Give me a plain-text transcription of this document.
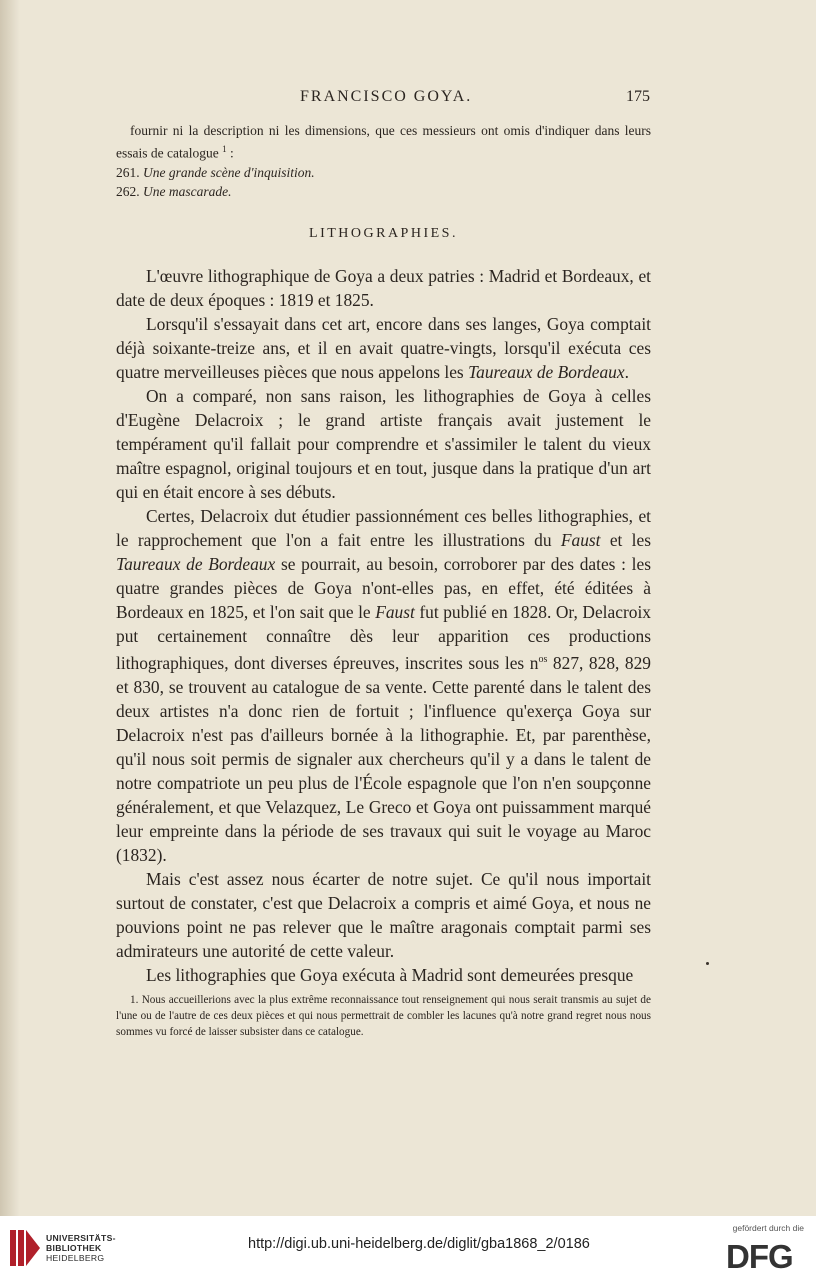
FRANCISCO GOYA.	175

fournir ni la description ni les dimensions, que ces messieurs ont omis d'indiquer dans leurs essais de catalogue $^1$ :

261. Une grande scène d'inquisition.
262. Une mascarade.
LITHOGRAPHIES.

L'œuvre lithographique de Goya a deux patries : Madrid et Bordeaux, et date de deux époques : 1819 et 1825.

Lorsqu'il s'essayait dans cet art, encore dans ses langes, Goya comptait déjà soixante-treize ans, et il en avait quatre-vingts, lorsqu'il exécuta ces quatre merveilleuses pièces que nous appelons les Taureaux de Bordeaux.

On a comparé, non sans raison, les lithographies de Goya à celles d'Eugène Delacroix ; le grand artiste français avait justement le tempérament qu'il fallait pour comprendre et s'assimiler le talent du vieux maître espagnol, original toujours et en tout, jusque dans la pratique d'un art qui en était encore à ses débuts.

Certes, Delacroix dut étudier passionnément ces belles lithographies, et le rapprochement que l'on a fait entre les illustrations du Faust et les Taureaux de Bordeaux se pourrait, au besoin, corroborer par des dates : les quatre grandes pièces de Goya n'ont-elles pas, en effet, été éditées à Bordeaux en 1825, et l'on sait que le Faust fut publié en 1828. Or, Delacroix put certainement connaître dès leur apparition ces productions lithographiques, dont diverses épreuves, inscrites sous les $n^{os}$ 827, 828, 829 et 830, se trouvent au catalogue de sa vente. Cette parenté dans le talent des deux artistes n'a donc rien de fortuit ; l'influence qu'exerça Goya sur Delacroix n'est pas d'ailleurs bornée à la lithographie. Et, par parenthèse, qu'il nous soit permis de signaler aux chercheurs qu'il y a dans le talent de notre compatriote un peu plus de l'École espagnole que l'on n'en soupçonne généralement, et que Velazquez, Le Greco et Goya ont puissamment marqué leur empreinte dans la période de ses travaux qui suit le voyage au Maroc (1832).

Mais c'est assez nous écarter de notre sujet. Ce qu'il nous importait surtout de constater, c'est que Delacroix a compris et aimé Goya, et nous ne pouvions point ne pas relever que le maître aragonais comptait parmi ses admirateurs une autorité de cette valeur.

Les lithographies que Goya exécuta à Madrid sont demeurées presque

1. Nous accueillerions avec la plus extrême reconnaissance tout renseignement qui nous serait transmis au sujet de l'une ou de l'autre de ces deux pièces et qui nous permettrait de combler les lacunes qu'à notre grand regret nous nous sommes vu forcé de laisser subsister dans ce catalogue.
UNIVERSITÄTS-
BIBLIOTHEK
HEIDELBERG
http://digi.ub.uni-heidelberg.de/diglit/gba1868_2/0186
gefördert durch die
DFG
